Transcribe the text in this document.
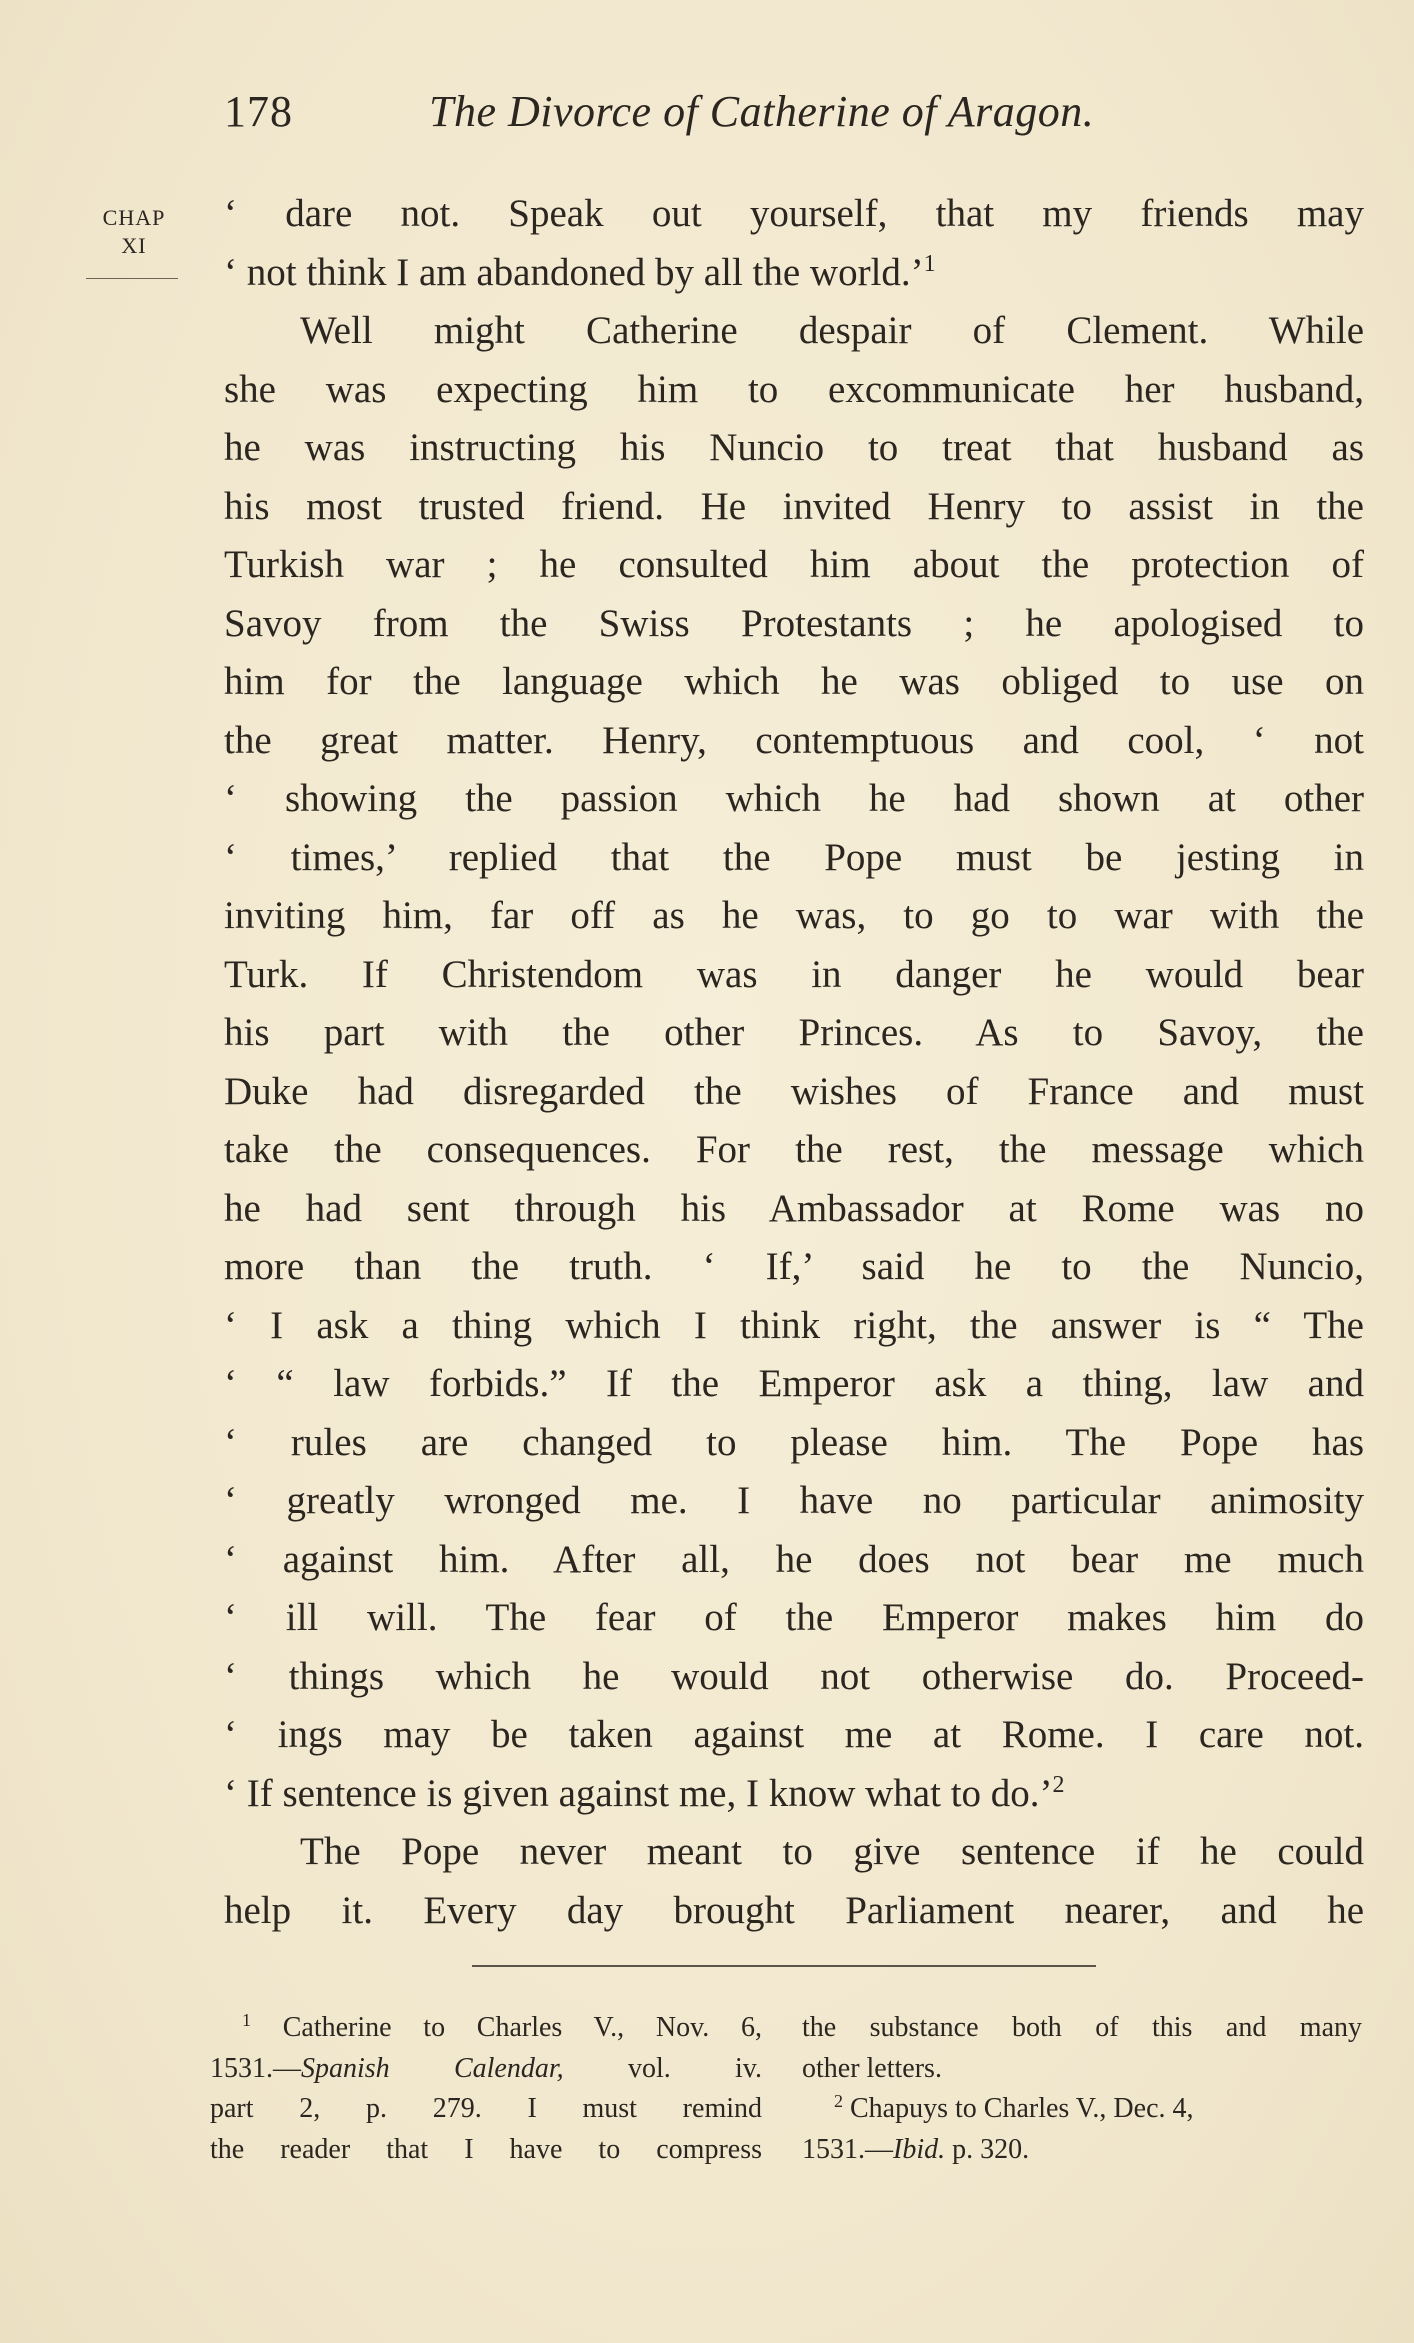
178	The Divorce of Catherine of Aragon.
CHAP
XI
‘ dare not. Speak out yourself, that my friends may
‘ not think I am abandoned by all the world.’$^1$
Well might Catherine despair of Clement. While
she was expecting him to excommunicate her husband,
he was instructing his Nuncio to treat that husband as
his most trusted friend. He invited Henry to assist in the
Turkish war ; he consulted him about the protection of
Savoy from the Swiss Protestants ; he apologised to
him for the language which he was obliged to use on
the great matter. Henry, contemptuous and cool, ‘ not
‘ showing the passion which he had shown at other
‘ times,’ replied that the Pope must be jesting in
inviting him, far off as he was, to go to war with the
Turk. If Christendom was in danger he would bear
his part with the other Princes. As to Savoy, the
Duke had disregarded the wishes of France and must
take the consequences. For the rest, the message which
he had sent through his Ambassador at Rome was no
more than the truth. ‘ If,’ said he to the Nuncio,
‘ I ask a thing which I think right, the answer is “ The
‘ “ law forbids.” If the Emperor ask a thing, law and
‘ rules are changed to please him. The Pope has
‘ greatly wronged me. I have no particular animosity
‘ against him. After all, he does not bear me much
‘ ill will. The fear of the Emperor makes him do
‘ things which he would not otherwise do. Proceed-
‘ ings may be taken against me at Rome. I care not.
‘ If sentence is given against me, I know what to do.’$^2$
The Pope never meant to give sentence if he could
help it. Every day brought Parliament nearer, and he
$^1$ Catherine to Charles V., Nov. 6,
1531.—Spanish Calendar, vol. iv.
part 2, p. 279. I must remind
the reader that I have to compress
the substance both of this and many
other letters.
$^2$ Chapuys to Charles V., Dec. 4,
1531.—Ibid. p. 320.
